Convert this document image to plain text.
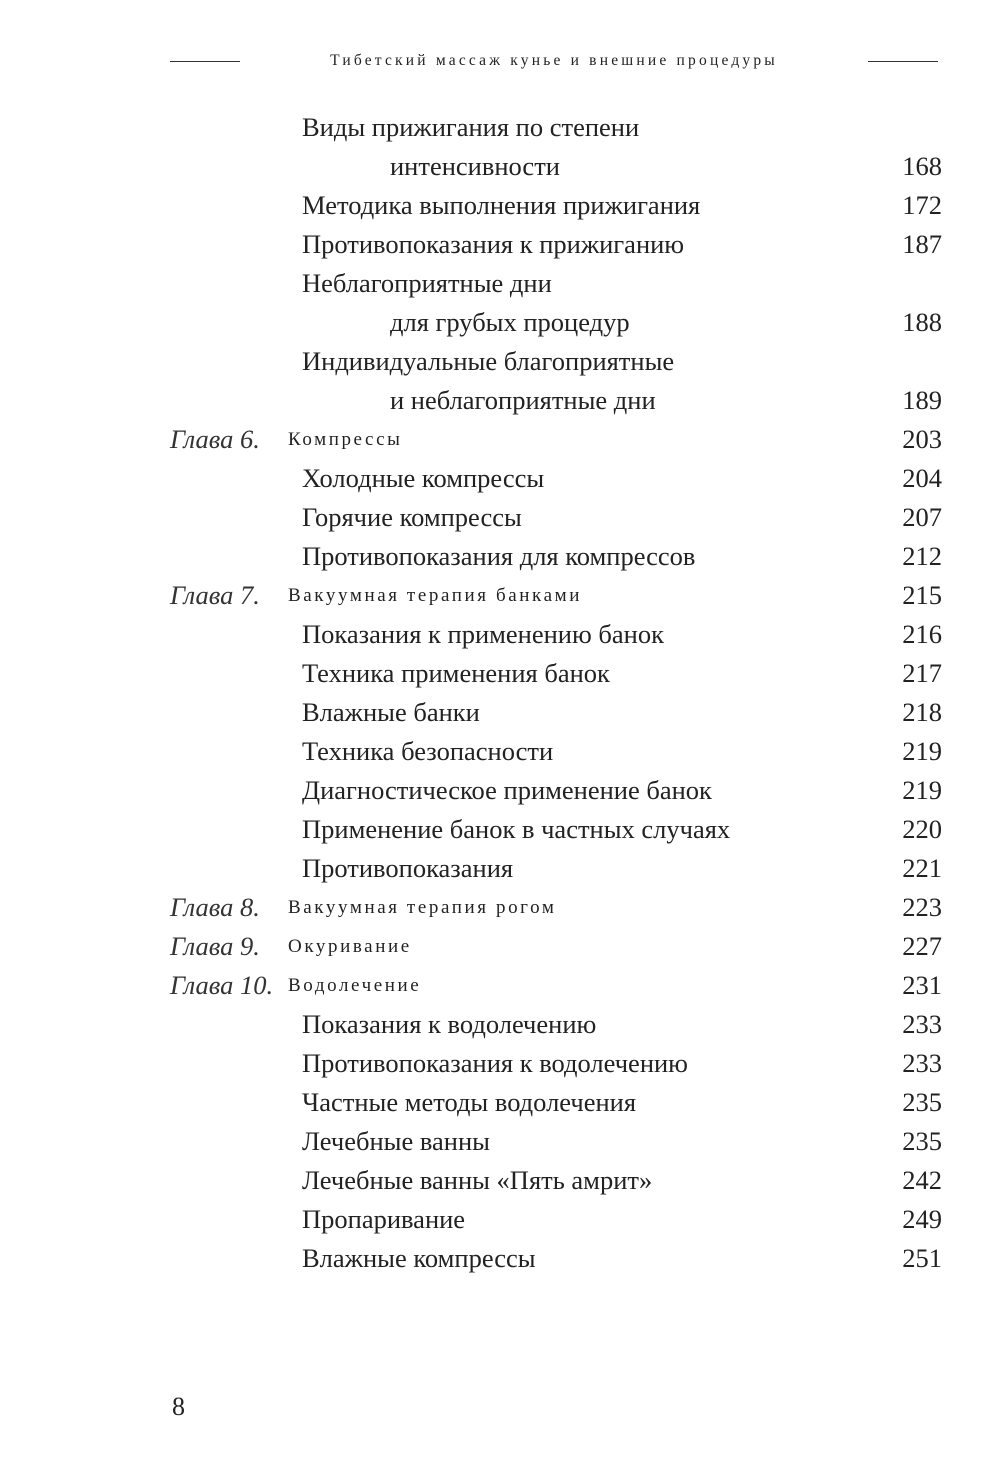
Тибетский массаж кунье и внешние процедуры
Виды прижигания по степени
интенсивности	168
Методика выполнения прижигания	172
Противопоказания к прижиганию	187
Неблагоприятные дни
для грубых процедур	188
Индивидуальные благоприятные
и неблагоприятные дни	189
Глава 6. Компрессы	203
Холодные компрессы	204
Горячие компрессы	207
Противопоказания для компрессов	212
Глава 7. Вакуумная терапия банками	215
Показания к применению банок	216
Техника применения банок	217
Влажные банки	218
Техника безопасности	219
Диагностическое применение банок	219
Применение банок в частных случаях	220
Противопоказания	221
Глава 8. Вакуумная терапия рогом	223
Глава 9. Окуривание	227
Глава 10. Водолечение	231
Показания к водолечению	233
Противопоказания к водолечению	233
Частные методы водолечения	235
Лечебные ванны	235
Лечебные ванны «Пять амрит»	242
Пропаривание	249
Влажные компрессы	251
8
